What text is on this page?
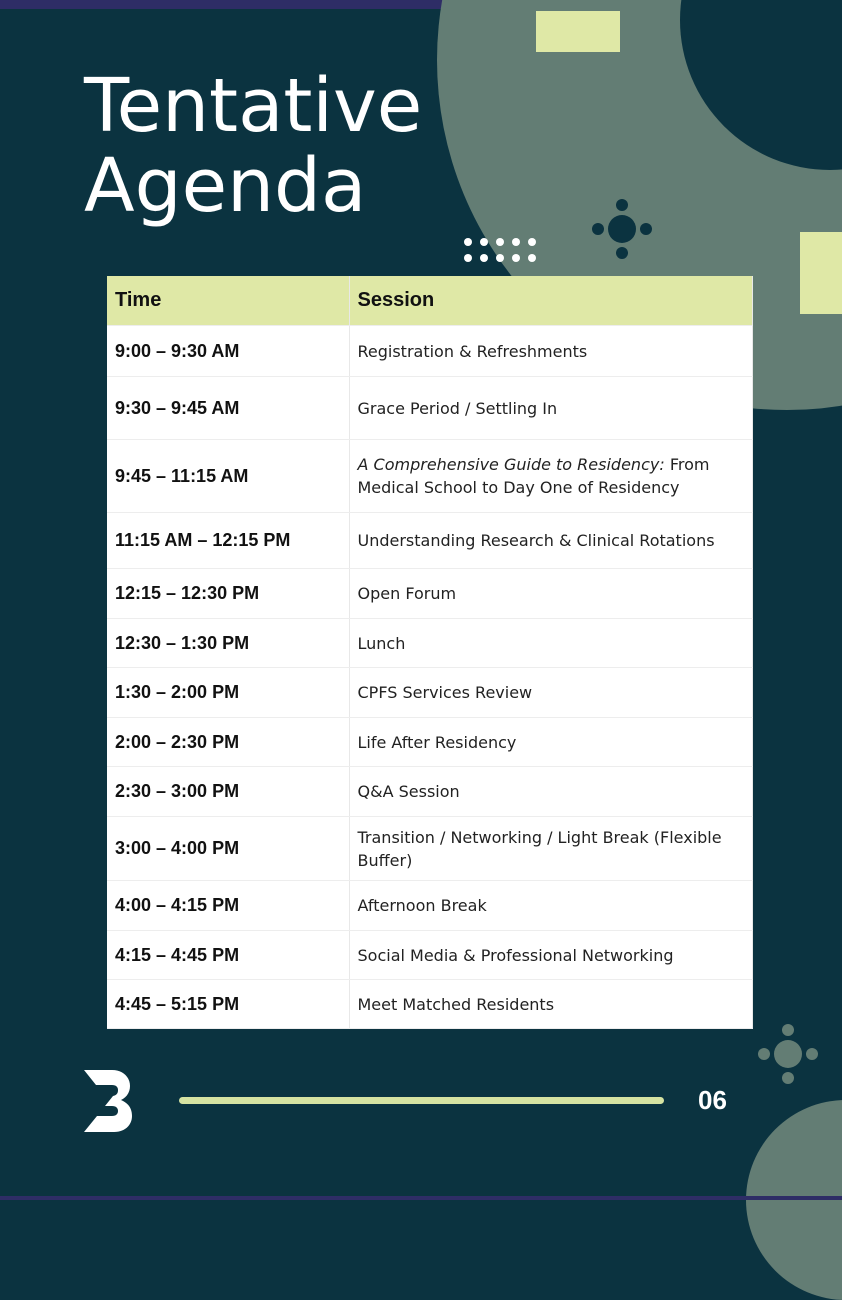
Tentative
Agenda
Time	Session
9:00 – 9:30 AM	Registration & Refreshments
9:30 – 9:45 AM	Grace Period / Settling In
9:45 – 11:15 AM	A Comprehensive Guide to Residency: From Medical School to Day One of Residency
11:15 AM – 12:15 PM	Understanding Research & Clinical Rotations
12:15 – 12:30 PM	Open Forum
12:30 – 1:30 PM	Lunch
1:30 – 2:00 PM	CPFS Services Review
2:00 – 2:30 PM	Life After Residency
2:30 – 3:00 PM	Q&A Session
3:00 – 4:00 PM	Transition / Networking / Light Break (Flexible Buffer)
4:00 – 4:15 PM	Afternoon Break
4:15 – 4:45 PM	Social Media & Professional Networking
4:45 – 5:15 PM	Meet Matched Residents
06
